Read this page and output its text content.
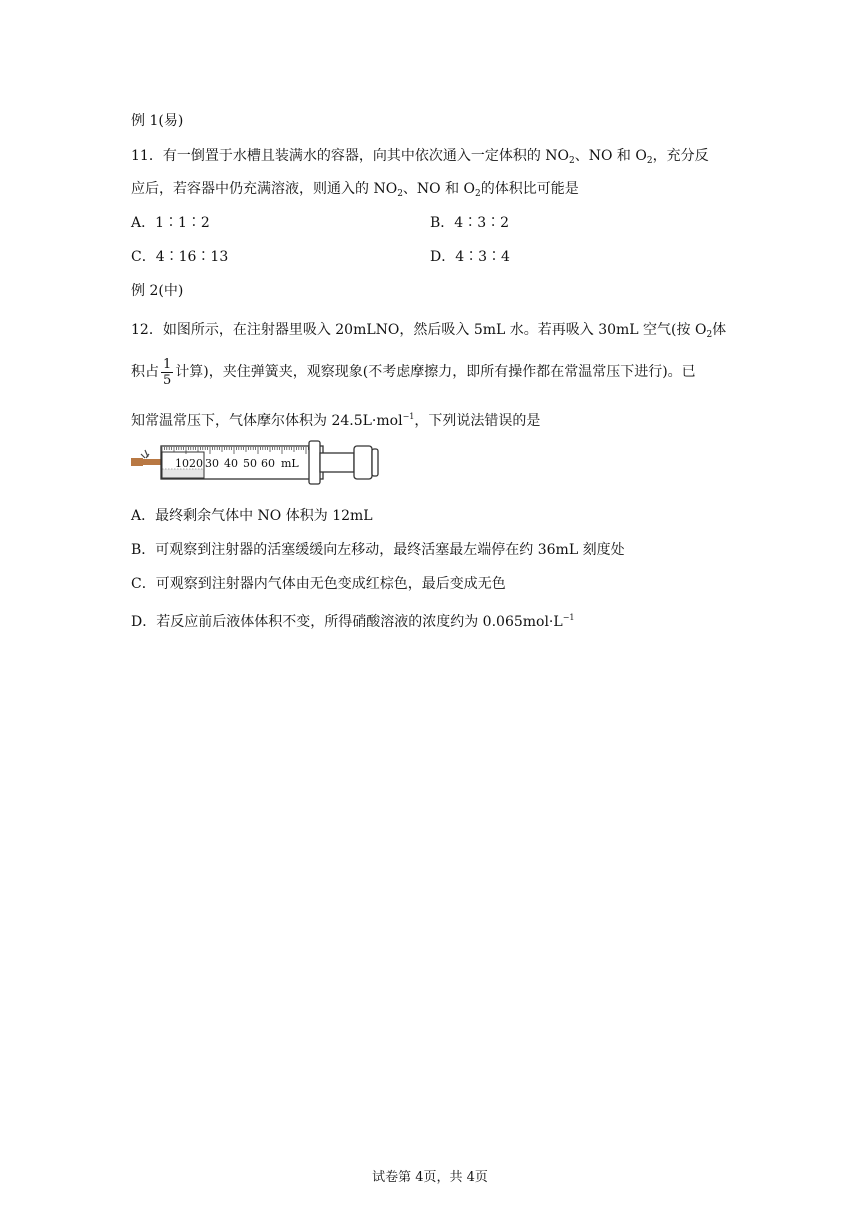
例 1(易)
11．有一倒置于水槽且装满水的容器，向其中依次通入一定体积的 $NO_2$、NO 和 $O_2$，充分反
应后，若容器中仍充满溶液，则通入的 $NO_2$、NO 和 $O_2$的体积比可能是
A．1∶1∶2	B．4∶3∶2
C．4∶16∶13	D．4∶3∶4
例 2(中)
12．如图所示，在注射器里吸入 20mLNO，然后吸入 5mL 水。若再吸入 30mL 空气(按 $O_2$体
积占 $\frac{1}{5}$ 计算)，夹住弹簧夹，观察现象(不考虑摩擦力，即所有操作都在常温常压下进行)。已
知常温常压下，气体摩尔体积为 24.5L·mol$^{-1}$，下列说法错误的是
10 20 30 40 50 60 mL
A．最终剩余气体中 NO 体积为 12mL
B．可观察到注射器的活塞缓缓向左移动，最终活塞最左端停在约 36mL 刻度处
C．可观察到注射器内气体由无色变成红棕色，最后变成无色
D．若反应前后液体体积不变，所得硝酸溶液的浓度约为 $0.065mol\cdot L^{-1}$
试卷第 4页，共 4页
